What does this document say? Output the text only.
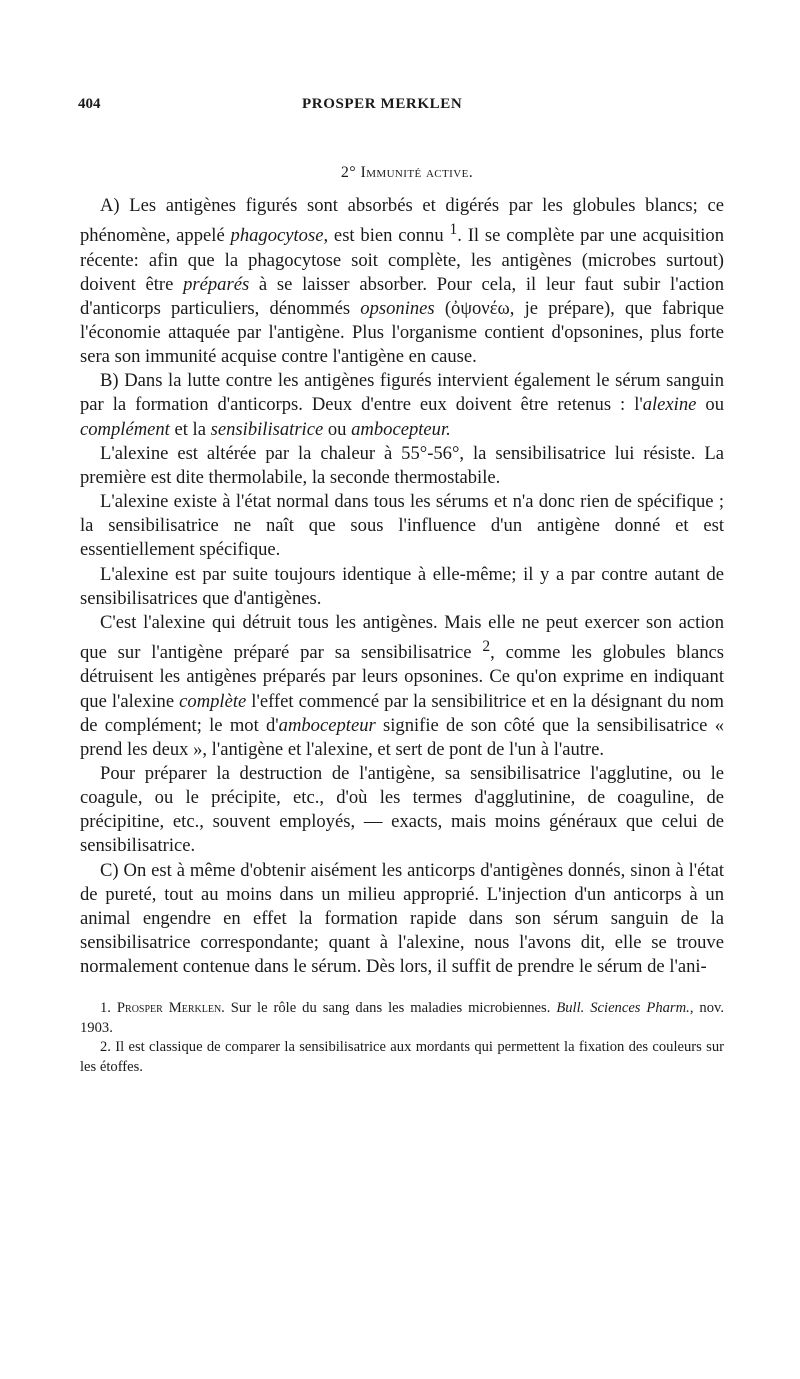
404	PROSPER MERKLEN
2° Immunité active.

A) Les antigènes figurés sont absorbés et digérés par les globules blancs; ce phénomène, appelé phagocytose, est bien connu $^1$. Il se complète par une acquisition récente: afin que la phagocytose soit complète, les antigènes (microbes surtout) doivent être préparés à se laisser absorber. Pour cela, il leur faut subir l'action d'anticorps particuliers, dénommés opsonines (ὀψονέω, je prépare), que fabrique l'économie attaquée par l'antigène. Plus l'organisme contient d'opsonines, plus forte sera son immunité acquise contre l'antigène en cause.

B) Dans la lutte contre les antigènes figurés intervient également le sérum sanguin par la formation d'anticorps. Deux d'entre eux doivent être retenus : l'alexine ou complément et la sensibilisatrice ou ambocepteur.

L'alexine est altérée par la chaleur à 55°-56°, la sensibilisatrice lui résiste. La première est dite thermolabile, la seconde thermostabile.

L'alexine existe à l'état normal dans tous les sérums et n'a donc rien de spécifique ; la sensibilisatrice ne naît que sous l'influence d'un antigène donné et est essentiellement spécifique.

L'alexine est par suite toujours identique à elle-même; il y a par contre autant de sensibilisatrices que d'antigènes.

C'est l'alexine qui détruit tous les antigènes. Mais elle ne peut exercer son action que sur l'antigène préparé par sa sensibilisatrice $^2$, comme les globules blancs détruisent les antigènes préparés par leurs opsonines. Ce qu'on exprime en indiquant que l'alexine complète l'effet commencé par la sensibilitrice et en la désignant du nom de complément; le mot d'ambocepteur signifie de son côté que la sensibilisatrice « prend les deux », l'antigène et l'alexine, et sert de pont de l'un à l'autre.

Pour préparer la destruction de l'antigène, sa sensibilisatrice l'agglutine, ou le coagule, ou le précipite, etc., d'où les termes d'agglutinine, de coaguline, de précipitine, etc., souvent employés, — exacts, mais moins généraux que celui de sensibilisatrice.

C) On est à même d'obtenir aisément les anticorps d'antigènes donnés, sinon à l'état de pureté, tout au moins dans un milieu approprié. L'injection d'un anticorps à un animal engendre en effet la formation rapide dans son sérum sanguin de la sensibilisatrice correspondante; quant à l'alexine, nous l'avons dit, elle se trouve normalement contenue dans le sérum. Dès lors, il suffit de prendre le sérum de l'ani-

1. Prosper Merklen. Sur le rôle du sang dans les maladies microbiennes. Bull. Sciences Pharm., nov. 1903.

2. Il est classique de comparer la sensibilisatrice aux mordants qui permettent la fixation des couleurs sur les étoffes.
